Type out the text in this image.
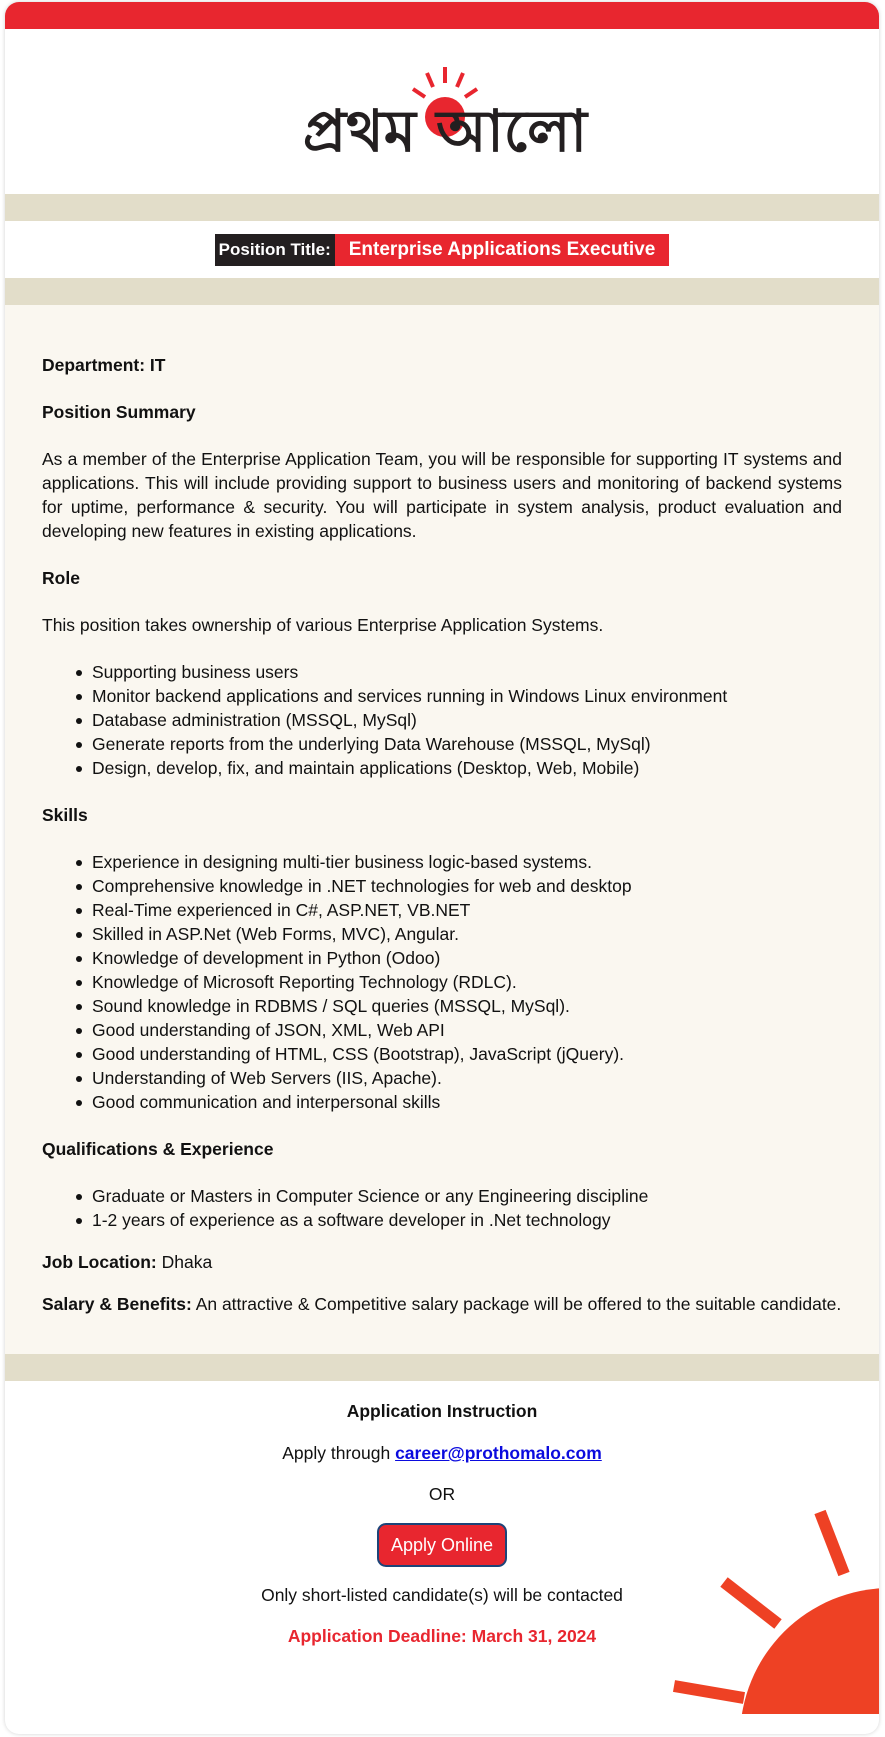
প্রথম আলো
Position Title: Enterprise Applications Executive
Department: IT
Position Summary

As a member of the Enterprise Application Team, you will be responsible for supporting IT systems and applications. This will include providing support to business users and monitoring of backend systems for uptime, performance & security. You will participate in system analysis, product evaluation and developing new features in existing applications.

Role

This position takes ownership of various Enterprise Application Systems.

Supporting business users
Monitor backend applications and services running in Windows Linux environment
Database administration (MSSQL, MySql)
Generate reports from the underlying Data Warehouse (MSSQL, MySql)
Design, develop, fix, and maintain applications (Desktop, Web, Mobile)
Skills
Experience in designing multi-tier business logic-based systems.
Comprehensive knowledge in .NET technologies for web and desktop
Real-Time experienced in C#, ASP.NET, VB.NET
Skilled in ASP.Net (Web Forms, MVC), Angular.
Knowledge of development in Python (Odoo)
Knowledge of Microsoft Reporting Technology (RDLC).
Sound knowledge in RDBMS / SQL queries (MSSQL, MySql).
Good understanding of JSON, XML, Web API
Good understanding of HTML, CSS (Bootstrap), JavaScript (jQuery).
Understanding of Web Servers (IIS, Apache).
Good communication and interpersonal skills
Qualifications & Experience
Graduate or Masters in Computer Science or any Engineering discipline
1-2 years of experience as a software developer in .Net technology
Job Location: Dhaka
Salary & Benefits: An attractive & Competitive salary package will be offered to the suitable candidate.
Application Instruction
Apply through career@prothomalo.com
OR
Apply Online
Only short-listed candidate(s) will be contacted
Application Deadline: March 31, 2024
